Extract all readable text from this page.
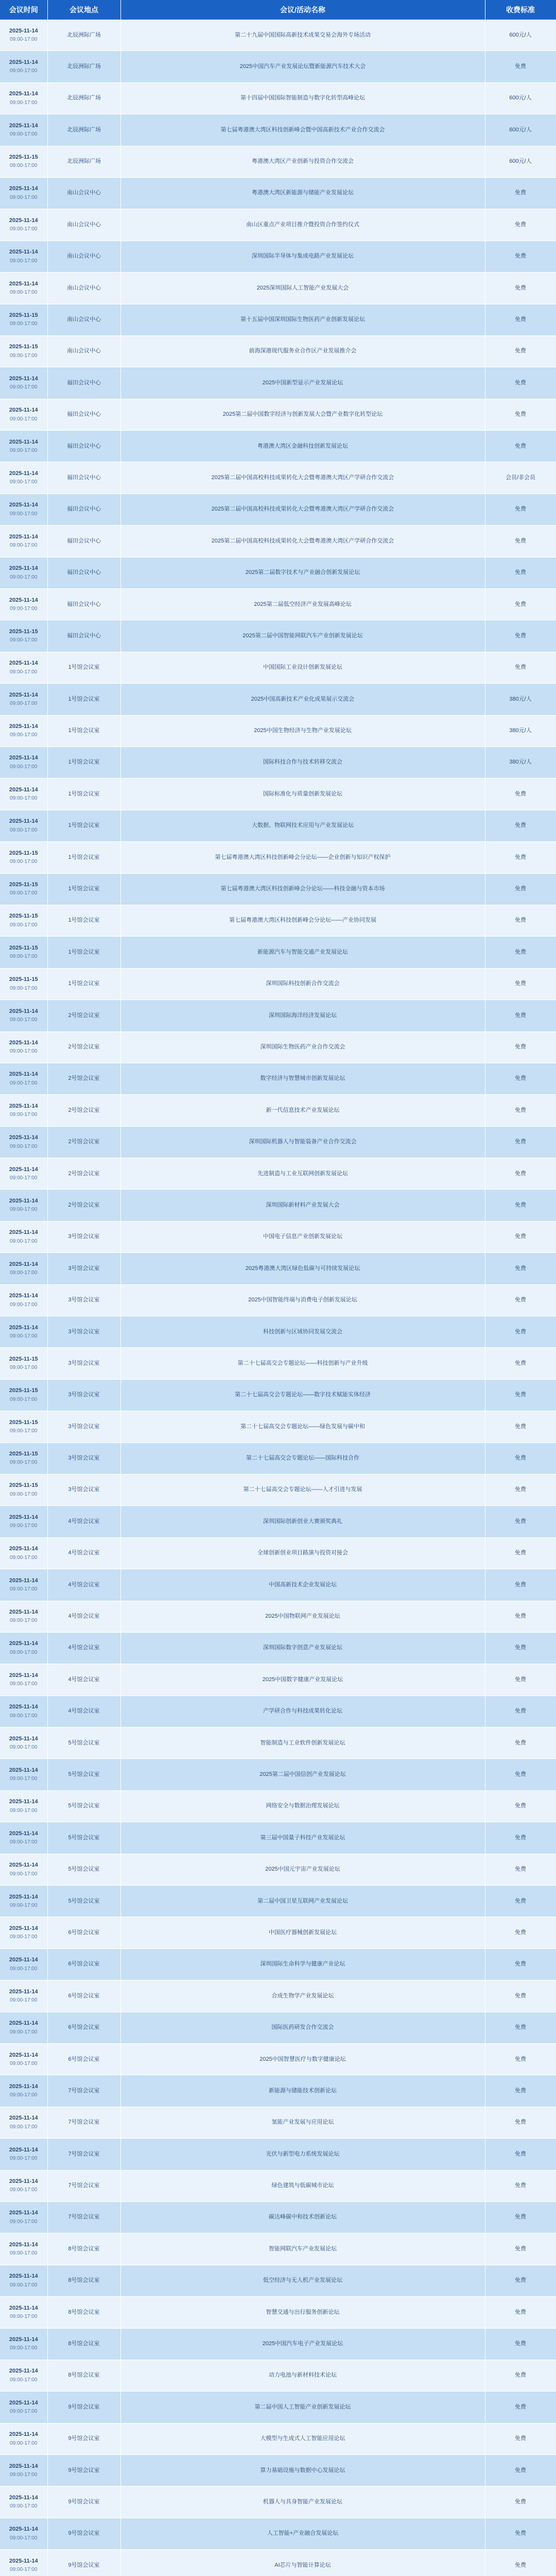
会议时间	会议地点	会议/活动名称	收费标准
2025-11-14
09:00-17:00	北辰洲际广场	第二十九届中国国际高新技术成果交易会海外专场活动	600元/人
2025-11-14
09:00-17:00	北辰洲际广场	2025中国汽车产业发展论坛暨新能源汽车技术大会	免费
2025-11-14
09:00-17:00	北辰洲际广场	第十四届中国国际智能制造与数字化转型高峰论坛	600元/人
2025-11-14
09:00-17:00	北辰洲际广场	第七届粤港澳大湾区科技创新峰会暨中国高新技术产业合作交流会	600元/人
2025-11-15
09:00-17:00	北辰洲际广场	粤港澳大湾区产业创新与投资合作交流会	600元/人
2025-11-14
09:00-17:00	南山会议中心	粤港澳大湾区新能源与储能产业发展论坛	免费
2025-11-14
09:00-17:00	南山会议中心	南山区重点产业项目推介暨投资合作签约仪式	免费
2025-11-14
09:00-17:00	南山会议中心	深圳国际半导体与集成电路产业发展论坛	免费
2025-11-14
09:00-17:00	南山会议中心	2025深圳国际人工智能产业发展大会	免费
2025-11-15
09:00-17:00	南山会议中心	第十五届中国深圳国际生物医药产业创新发展论坛	免费
2025-11-15
09:00-17:00	南山会议中心	前海深港现代服务业合作区产业发展推介会	免费
2025-11-14
09:00-17:00	福田会议中心	2025中国新型显示产业发展论坛	免费
2025-11-14
09:00-17:00	福田会议中心	2025第二届中国数字经济与创新发展大会暨产业数字化转型论坛	免费
2025-11-14
09:00-17:00	福田会议中心	粤港澳大湾区金融科技创新发展论坛	免费
2025-11-14
09:00-17:00	福田会议中心	2025第二届中国高校科技成果转化大会暨粤港澳大湾区产学研合作交流会	会员/非会员
2025-11-14
09:00-17:00	福田会议中心	2025第二届中国高校科技成果转化大会暨粤港澳大湾区产学研合作交流会	免费
2025-11-14
09:00-17:00	福田会议中心	2025第二届中国高校科技成果转化大会暨粤港澳大湾区产学研合作交流会	免费
2025-11-14
09:00-17:00	福田会议中心	2025第二届数字技术与产业融合创新发展论坛	免费
2025-11-14
09:00-17:00	福田会议中心	2025第二届低空经济产业发展高峰论坛	免费
2025-11-15
09:00-17:00	福田会议中心	2025第二届中国智能网联汽车产业创新发展论坛	免费
2025-11-14
09:00-17:00	1号馆会议室	中国国际工业设计创新发展论坛	免费
2025-11-14
09:00-17:00	1号馆会议室	2025中国高新技术产业化成果展示交流会	380元/人
2025-11-14
09:00-17:00	1号馆会议室	2025中国生物经济与生物产业发展论坛	380元/人
2025-11-14
09:00-17:00	1号馆会议室	国际科技合作与技术转移交流会	380元/人
2025-11-14
09:00-17:00	1号馆会议室	国际标准化与质量创新发展论坛	免费
2025-11-14
09:00-17:00	1号馆会议室	大数据、物联网技术应用与产业发展论坛	免费
2025-11-15
09:00-17:00	1号馆会议室	第七届粤港澳大湾区科技创新峰会分论坛——企业创新与知识产权保护	免费
2025-11-15
09:00-17:00	1号馆会议室	第七届粤港澳大湾区科技创新峰会分论坛——科技金融与资本市场	免费
2025-11-15
09:00-17:00	1号馆会议室	第七届粤港澳大湾区科技创新峰会分论坛——产业协同发展	免费
2025-11-15
09:00-17:00	1号馆会议室	新能源汽车与智能交通产业发展论坛	免费
2025-11-15
09:00-17:00	1号馆会议室	深圳国际科技创新合作交流会	免费
2025-11-14
09:00-17:00	2号馆会议室	深圳国际海洋经济发展论坛	免费
2025-11-14
09:00-17:00	2号馆会议室	深圳国际生物医药产业合作交流会	免费
2025-11-14
09:00-17:00	2号馆会议室	数字经济与智慧城市创新发展论坛	免费
2025-11-14
09:00-17:00	2号馆会议室	新一代信息技术产业发展论坛	免费
2025-11-14
09:00-17:00	2号馆会议室	深圳国际机器人与智能装备产业合作交流会	免费
2025-11-14
09:00-17:00	2号馆会议室	先进制造与工业互联网创新发展论坛	免费
2025-11-14
09:00-17:00	2号馆会议室	深圳国际新材料产业发展大会	免费
2025-11-14
09:00-17:00	3号馆会议室	中国电子信息产业创新发展论坛	免费
2025-11-14
09:00-17:00	3号馆会议室	2025粤港澳大湾区绿色低碳与可持续发展论坛	免费
2025-11-14
09:00-17:00	3号馆会议室	2025中国智能终端与消费电子创新发展论坛	免费
2025-11-14
09:00-17:00	3号馆会议室	科技创新与区域协同发展交流会	免费
2025-11-15
09:00-17:00	3号馆会议室	第二十七届高交会专题论坛——科技创新与产业升级	免费
2025-11-15
09:00-17:00	3号馆会议室	第二十七届高交会专题论坛——数字技术赋能实体经济	免费
2025-11-15
09:00-17:00	3号馆会议室	第二十七届高交会专题论坛——绿色发展与碳中和	免费
2025-11-15
09:00-17:00	3号馆会议室	第二十七届高交会专题论坛——国际科技合作	免费
2025-11-15
09:00-17:00	3号馆会议室	第二十七届高交会专题论坛——人才引进与发展	免费
2025-11-14
09:00-17:00	4号馆会议室	深圳国际创新创业大赛颁奖典礼	免费
2025-11-14
09:00-17:00	4号馆会议室	全球创新创业项目路演与投资对接会	免费
2025-11-14
09:00-17:00	4号馆会议室	中国高新技术企业发展论坛	免费
2025-11-14
09:00-17:00	4号馆会议室	2025中国物联网产业发展论坛	免费
2025-11-14
09:00-17:00	4号馆会议室	深圳国际数字创意产业发展论坛	免费
2025-11-14
09:00-17:00	4号馆会议室	2025中国数字健康产业发展论坛	免费
2025-11-14
09:00-17:00	4号馆会议室	产学研合作与科技成果转化论坛	免费
2025-11-14
09:00-17:00	5号馆会议室	智能制造与工业软件创新发展论坛	免费
2025-11-14
09:00-17:00	5号馆会议室	2025第二届中国信创产业发展论坛	免费
2025-11-14
09:00-17:00	5号馆会议室	网络安全与数据治理发展论坛	免费
2025-11-14
09:00-17:00	5号馆会议室	第三届中国量子科技产业发展论坛	免费
2025-11-14
09:00-17:00	5号馆会议室	2025中国元宇宙产业发展论坛	免费
2025-11-14
09:00-17:00	5号馆会议室	第二届中国卫星互联网产业发展论坛	免费
2025-11-14
09:00-17:00	6号馆会议室	中国医疗器械创新发展论坛	免费
2025-11-14
09:00-17:00	6号馆会议室	深圳国际生命科学与健康产业论坛	免费
2025-11-14
09:00-17:00	6号馆会议室	合成生物学产业发展论坛	免费
2025-11-14
09:00-17:00	6号馆会议室	国际医药研发合作交流会	免费
2025-11-14
09:00-17:00	6号馆会议室	2025中国智慧医疗与数字健康论坛	免费
2025-11-14
09:00-17:00	7号馆会议室	新能源与储能技术创新论坛	免费
2025-11-14
09:00-17:00	7号馆会议室	氢能产业发展与应用论坛	免费
2025-11-14
09:00-17:00	7号馆会议室	光伏与新型电力系统发展论坛	免费
2025-11-14
09:00-17:00	7号馆会议室	绿色建筑与低碳城市论坛	免费
2025-11-14
09:00-17:00	7号馆会议室	碳达峰碳中和技术创新论坛	免费
2025-11-14
09:00-17:00	8号馆会议室	智能网联汽车产业发展论坛	免费
2025-11-14
09:00-17:00	8号馆会议室	低空经济与无人机产业发展论坛	免费
2025-11-14
09:00-17:00	8号馆会议室	智慧交通与出行服务创新论坛	免费
2025-11-14
09:00-17:00	8号馆会议室	2025中国汽车电子产业发展论坛	免费
2025-11-14
09:00-17:00	8号馆会议室	动力电池与新材料技术论坛	免费
2025-11-14
09:00-17:00	9号馆会议室	第二届中国人工智能产业创新发展论坛	免费
2025-11-14
09:00-17:00	9号馆会议室	大模型与生成式人工智能应用论坛	免费
2025-11-14
09:00-17:00	9号馆会议室	算力基础设施与数据中心发展论坛	免费
2025-11-14
09:00-17:00	9号馆会议室	机器人与具身智能产业发展论坛	免费
2025-11-14
09:00-17:00	9号馆会议室	人工智能+产业融合发展论坛	免费
2025-11-14
09:00-17:00	9号馆会议室	AI芯片与智能计算论坛	免费
